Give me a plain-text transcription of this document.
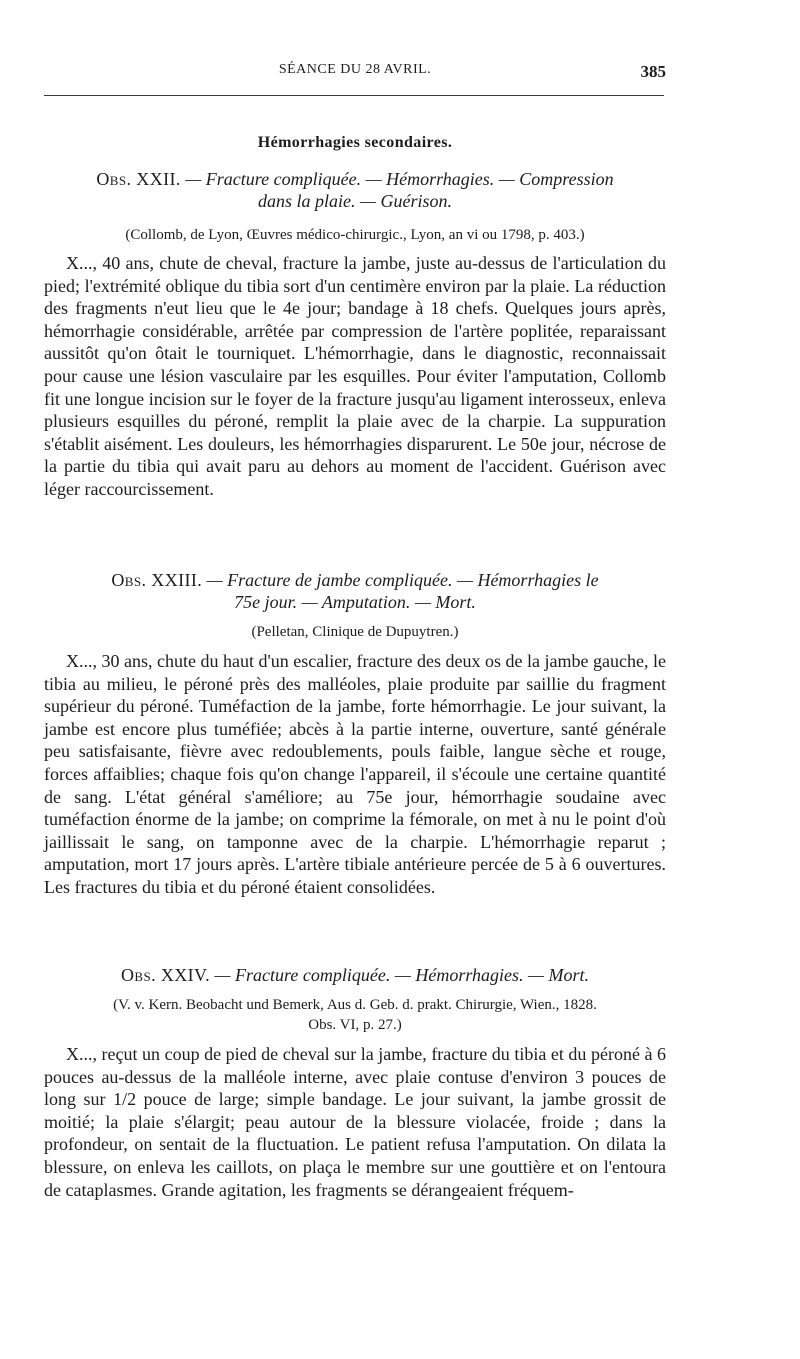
SÉANCE DU 28 AVRIL.	385
Hémorrhagies secondaires.
Obs. XXII. — Fracture compliquée. — Hémorrhagies. — Compression
dans la plaie. — Guérison.
(Collomb, de Lyon, Œuvres médico-chirurgic., Lyon, an vi ou 1798, p. 403.)

X..., 40 ans, chute de cheval, fracture la jambe, juste au-dessus de l'articulation du pied; l'extrémité oblique du tibia sort d'un centimère environ par la plaie. La réduction des fragments n'eut lieu que le 4e jour; bandage à 18 chefs. Quelques jours après, hémorrhagie considérable, arrêtée par compression de l'artère poplitée, reparaissant aussitôt qu'on ôtait le tourniquet. L'hémorrhagie, dans le diagnostic, reconnaissait pour cause une lésion vasculaire par les esquilles. Pour éviter l'amputation, Collomb fit une longue incision sur le foyer de la fracture jusqu'au ligament interosseux, enleva plusieurs esquilles du péroné, remplit la plaie avec de la charpie. La suppuration s'établit aisément. Les douleurs, les hémorrhagies disparurent. Le 50e jour, nécrose de la partie du tibia qui avait paru au dehors au moment de l'accident. Guérison avec léger raccourcissement.

Obs. XXIII. — Fracture de jambe compliquée. — Hémorrhagies le
75e jour. — Amputation. — Mort.
(Pelletan, Clinique de Dupuytren.)

X..., 30 ans, chute du haut d'un escalier, fracture des deux os de la jambe gauche, le tibia au milieu, le péroné près des malléoles, plaie produite par saillie du fragment supérieur du péroné. Tuméfaction de la jambe, forte hémorrhagie. Le jour suivant, la jambe est encore plus tuméfiée; abcès à la partie interne, ouverture, santé générale peu satisfaisante, fièvre avec redoublements, pouls faible, langue sèche et rouge, forces affaiblies; chaque fois qu'on change l'appareil, il s'écoule une certaine quantité de sang. L'état général s'améliore; au 75e jour, hémorrhagie soudaine avec tuméfaction énorme de la jambe; on comprime la fémorale, on met à nu le point d'où jaillissait le sang, on tamponne avec de la charpie. L'hémorrhagie reparut ; amputation, mort 17 jours après. L'artère tibiale antérieure percée de 5 à 6 ouvertures. Les fractures du tibia et du péroné étaient consolidées.

Obs. XXIV. — Fracture compliquée. — Hémorrhagies. — Mort.
(V. v. Kern. Beobacht und Bemerk, Aus d. Geb. d. prakt. Chirurgie, Wien., 1828.
Obs. VI, p. 27.)

X..., reçut un coup de pied de cheval sur la jambe, fracture du tibia et du péroné à 6 pouces au-dessus de la malléole interne, avec plaie contuse d'environ 3 pouces de long sur 1/2 pouce de large; simple bandage. Le jour suivant, la jambe grossit de moitié; la plaie s'élargit; peau autour de la blessure violacée, froide ; dans la profondeur, on sentait de la fluctuation. Le patient refusa l'amputation. On dilata la blessure, on enleva les caillots, on plaça le membre sur une gouttière et on l'entoura de cataplasmes. Grande agitation, les fragments se dérangeaient fréquem-
